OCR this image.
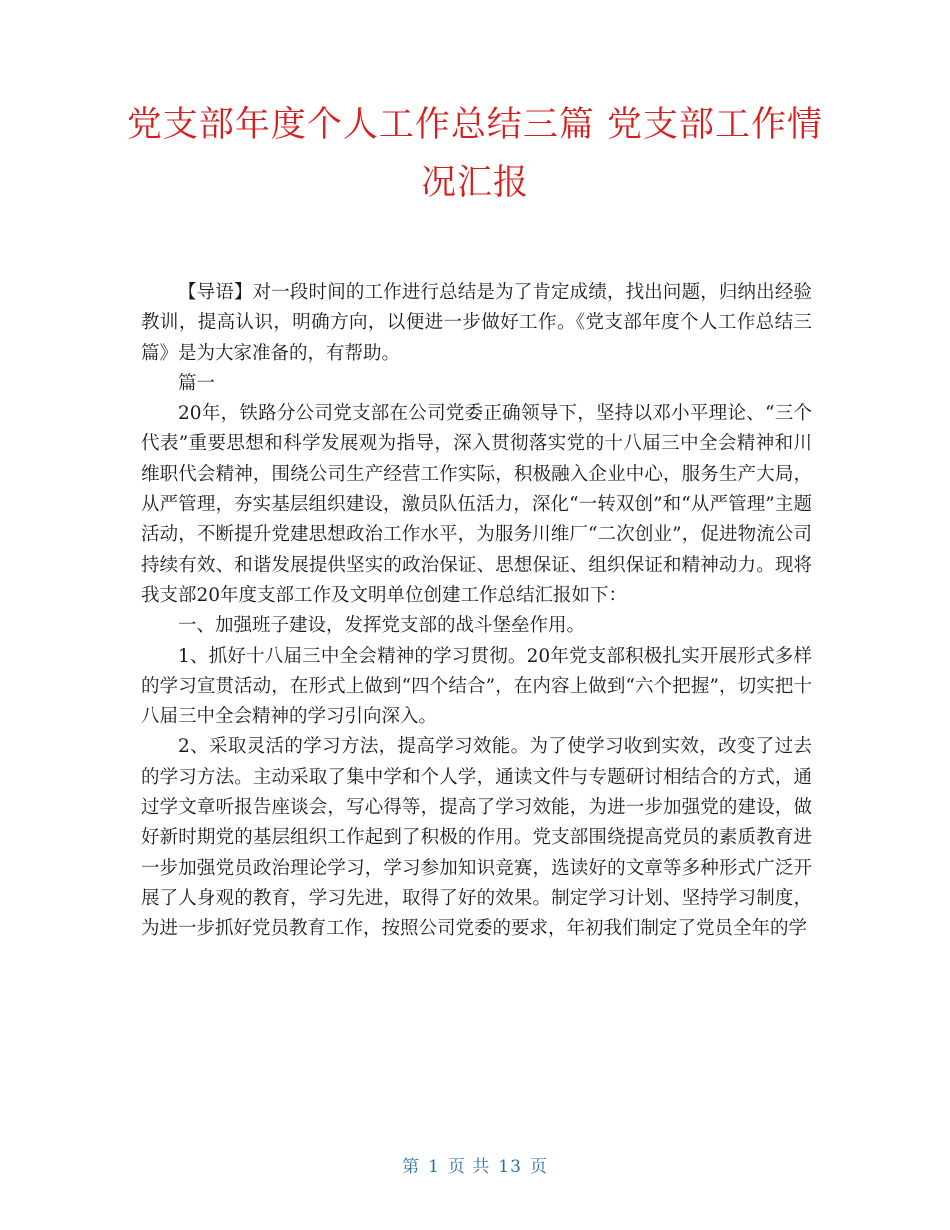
党支部年度个人工作总结三篇 党支部工作情况汇报

【导语】对一段时间的工作进行总结是为了肯定成绩，找出问题，归纳出经验教训，提高认识，明确方向，以便进一步做好工作。《党支部年度个人工作总结三篇》是为大家准备的，有帮助。

篇一

20年，铁路分公司党支部在公司党委正确领导下，坚持以邓小平理论、“三个代表”重要思想和科学发展观为指导，深入贯彻落实党的十八届三中全会精神和川维职代会精神，围绕公司生产经营工作实际，积极融入企业中心，服务生产大局，从严管理，夯实基层组织建设，激员队伍活力，深化“一转双创”和“从严管理”主题活动，不断提升党建思想政治工作水平，为服务川维厂“二次创业”，促进物流公司持续有效、和谐发展提供坚实的政治保证、思想保证、组织保证和精神动力。现将我支部20年度支部工作及文明单位创建工作总结汇报如下：

一、加强班子建设，发挥党支部的战斗堡垒作用。

1、抓好十八届三中全会精神的学习贯彻。20年党支部积极扎实开展形式多样的学习宣贯活动，在形式上做到“四个结合”，在内容上做到“六个把握”，切实把十八届三中全会精神的学习引向深入。

2、采取灵活的学习方法，提高学习效能。为了使学习收到实效，改变了过去的学习方法。主动采取了集中学和个人学，通读文件与专题研讨相结合的方式，通过学文章听报告座谈会，写心得等，提高了学习效能，为进一步加强党的建设，做好新时期党的基层组织工作起到了积极的作用。党支部围绕提高党员的素质教育进一步加强党员政治理论学习，学习参加知识竞赛，选读好的文章等多种形式广泛开展了人身观的教育，学习先进，取得了好的效果。制定学习计划、坚持学习制度，为进一步抓好党员教育工作，按照公司党委的要求，年初我们制定了党员全年的学

第 1 页 共 13 页
